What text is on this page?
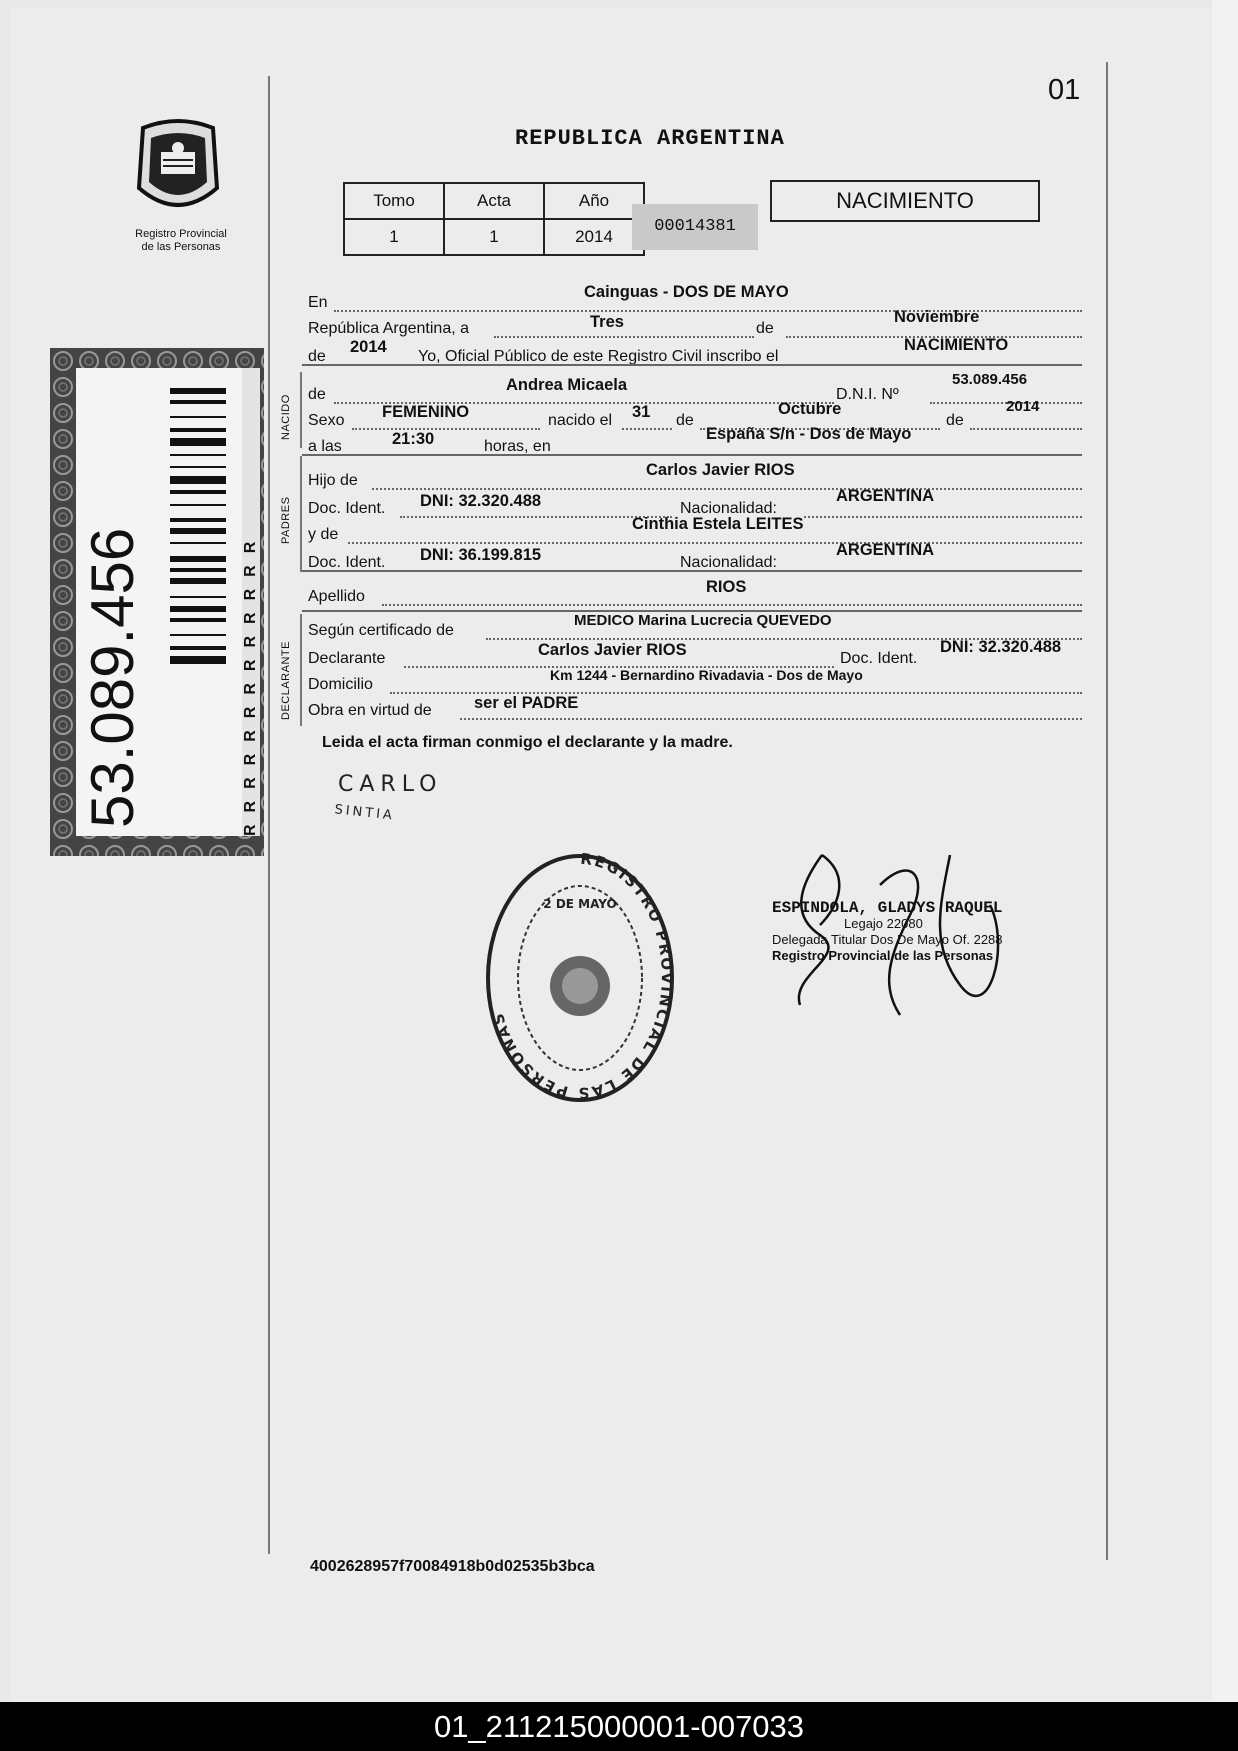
01
REPUBLICA ARGENTINA
Registro Provincial
de las Personas
Tomo	Acta	Año
1	1	2014
00014381
NACIMIENTO
53.089.456	RRRRRRRRRRRRR
NACIDO
PADRES
DECLARANTE
En
Cainguas - DOS DE MAYO
República Argentina, a	Tres	de
Noviembre
de
2014
Yo, Oficial Público de este Registro Civil inscribo el
NACIMIENTO
de
Andrea Micaela
D.N.I. Nº
53.089.456
Sexo FEMENINO	nacido el 31 de
Octubre
de
2014
a las	21:30	horas, en
España S/n - Dos de Mayo
Hijo de
Carlos Javier RIOS
Doc. Ident. DNI: 32.320.488	Nacionalidad:
ARGENTINA
y de
Cinthia Estela LEITES
Doc. Ident. DNI: 36.199.815	Nacionalidad:
ARGENTINA
Apellido
RIOS
Según certificado de
MEDICO Marina Lucrecia QUEVEDO
Declarante	Carlos Javier RIOS	Doc. Ident.
DNI: 32.320.488
Domicilio
Km 1244 - Bernardino Rivadavia - Dos de Mayo
Obra en virtud de	ser el PADRE
Leida el acta firman conmigo el declarante y la madre.
CARLO
SINTIA
REGISTRO PROVINCIAL DE LAS PERSONAS
2 DE MAYO	ESPINDOLA, GLADYS RAQUEL
Legajo 22080
Delegada Titular Dos De Mayo Of. 2288
Registro Provincial de las Personas
4002628957f70084918b0d02535b3bca
01_211215000001-007033
